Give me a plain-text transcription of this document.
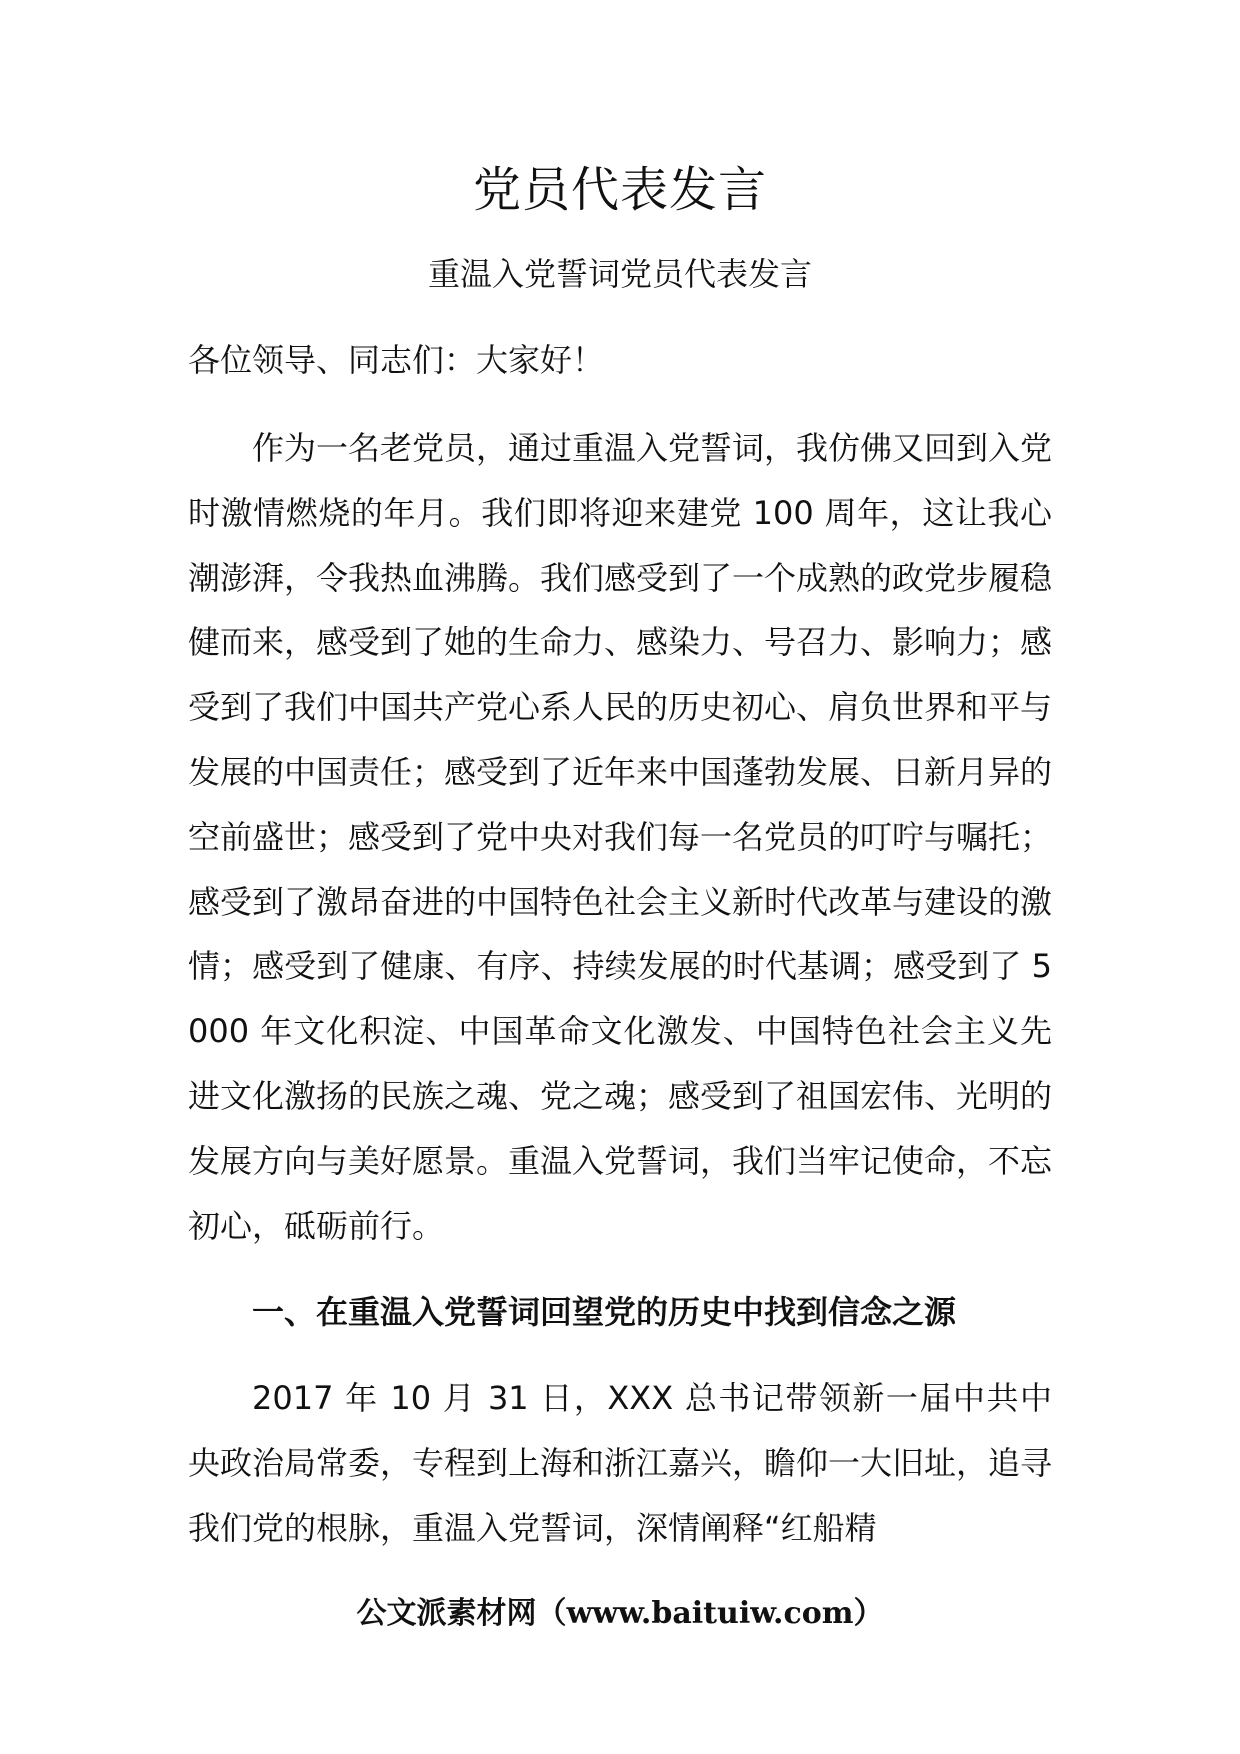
党员代表发言
重温入党誓词党员代表发言
各位领导、同志们：大家好！

作为一名老党员，通过重温入党誓词，我仿佛又回到入党时激情燃烧的年月。我们即将迎来建党 100 周年，这让我心潮澎湃，令我热血沸腾。我们感受到了一个成熟的政党步履稳健而来，感受到了她的生命力、感染力、号召力、影响力；感受到了我们中国共产党心系人民的历史初心、肩负世界和平与发展的中国责任；感受到了近年来中国蓬勃发展、日新月异的空前盛世；感受到了党中央对我们每一名党员的叮咛与嘱托；感受到了激昂奋进的中国特色社会主义新时代改革与建设的激情；感受到了健康、有序、持续发展的时代基调；感受到了 5000 年文化积淀、中国革命文化激发、中国特色社会主义先进文化激扬的民族之魂、党之魂；感受到了祖国宏伟、光明的发展方向与美好愿景。重温入党誓词，我们当牢记使命，不忘初心，砥砺前行。

一、在重温入党誓词回望党的历史中找到信念之源

2017 年 10 月 31 日，XXX 总书记带领新一届中共中央政治局常委，专程到上海和浙江嘉兴，瞻仰一大旧址，追寻我们党的根脉，重温入党誓词，深情阐释“红船精

公文派素材网（www.baituiw.com）
